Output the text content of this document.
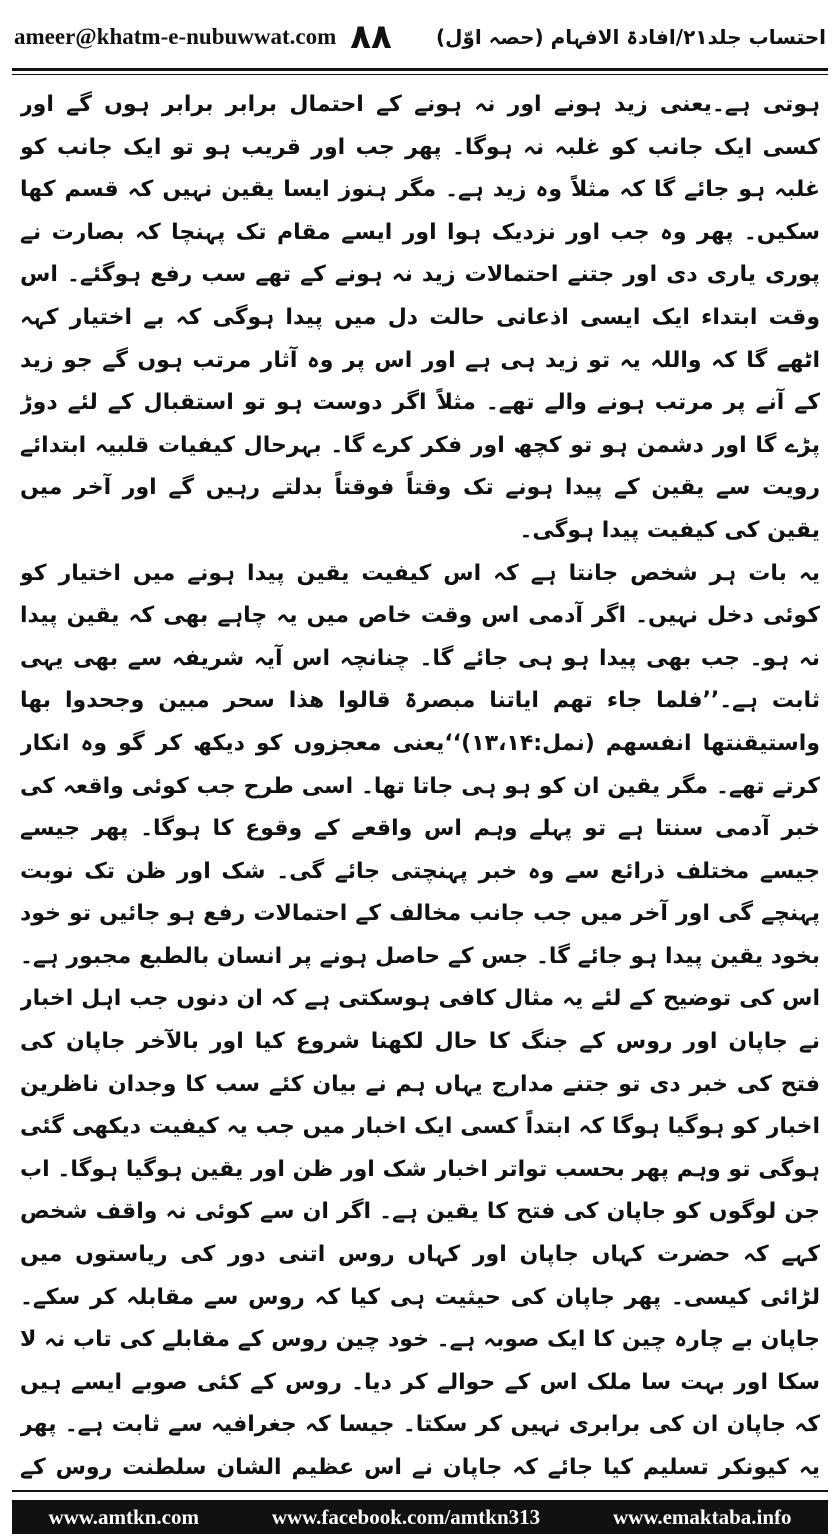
ameer@khatm-e-nubuwwat.com ۸۸ احتساب جلد۲۱/افادۃ الافہام (حصہ اوّل)

ہوتی ہے۔یعنی زید ہونے اور نہ ہونے کے احتمال برابر برابر ہوں گے اور کسی ایک جانب کو غلبہ نہ ہوگا۔ پھر جب اور قریب ہو تو ایک جانب کو غلبہ ہو جائے گا کہ مثلاً وہ زید ہے۔ مگر ہنوز ایسا یقین نہیں کہ قسم کھا سکیں۔ پھر وہ جب اور نزدیک ہوا اور ایسے مقام تک پہنچا کہ بصارت نے پوری یاری دی اور جتنے احتمالات زید نہ ہونے کے تھے سب رفع ہوگئے۔ اس وقت ابتداء ایک ایسی اذعانی حالت دل میں پیدا ہوگی کہ بے اختیار کہہ اٹھے گا کہ واللہ یہ تو زید ہی ہے اور اس پر وہ آثار مرتب ہوں گے جو زید کے آنے پر مرتب ہونے والے تھے۔ مثلاً اگر دوست ہو تو استقبال کے لئے دوڑ پڑے گا اور دشمن ہو تو کچھ اور فکر کرے گا۔ بہرحال کیفیات قلبیہ ابتدائے رویت سے یقین کے پیدا ہونے تک وقتاً فوقتاً بدلتے رہیں گے اور آخر میں یقین کی کیفیت پیدا ہوگی۔

یہ بات ہر شخص جانتا ہے کہ اس کیفیت یقین پیدا ہونے میں اختیار کو کوئی دخل نہیں۔ اگر آدمی اس وقت خاص میں یہ چاہے بھی کہ یقین پیدا نہ ہو۔ جب بھی پیدا ہو ہی جائے گا۔ چنانچہ اس آیہ شریفہ سے بھی یہی ثابت ہے۔’’فلما جاء تھم ایاتنا مبصرۃ قالوا ھذا سحر مبین وجحدوا بھا واستیقنتھا انفسھم (نمل:۱۳،۱۴)‘‘یعنی معجزوں کو دیکھ کر گو وہ انکار کرتے تھے۔ مگر یقین ان کو ہو ہی جاتا تھا۔ اسی طرح جب کوئی واقعہ کی خبر آدمی سنتا ہے تو پہلے وہم اس واقعے کے وقوع کا ہوگا۔ پھر جیسے جیسے مختلف ذرائع سے وہ خبر پہنچتی جائے گی۔ شک اور ظن تک نوبت پہنچے گی اور آخر میں جب جانب مخالف کے احتمالات رفع ہو جائیں تو خود بخود یقین پیدا ہو جائے گا۔ جس کے حاصل ہونے پر انسان بالطبع مجبور ہے۔ اس کی توضیح کے لئے یہ مثال کافی ہوسکتی ہے کہ ان دنوں جب اہل اخبار نے جاپان اور روس کے جنگ کا حال لکھنا شروع کیا اور بالآخر جاپان کی فتح کی خبر دی تو جتنے مدارج یہاں ہم نے بیان کئے سب کا وجدان ناظرین اخبار کو ہوگیا ہوگا کہ ابتداً کسی ایک اخبار میں جب یہ کیفیت دیکھی گئی ہوگی تو وہم پھر بحسب تواتر اخبار شک اور ظن اور یقین ہوگیا ہوگا۔ اب جن لوگوں کو جاپان کی فتح کا یقین ہے۔ اگر ان سے کوئی نہ واقف شخص کہے کہ حضرت کہاں جاپان اور کہاں روس اتنی دور کی ریاستوں میں لڑائی کیسی۔ پھر جاپان کی حیثیت ہی کیا کہ روس سے مقابلہ کر سکے۔ جاپان بے چارہ چین کا ایک صوبہ ہے۔ خود چین روس کے مقابلے کی تاب نہ لا سکا اور بہت سا ملک اس کے حوالے کر دیا۔ روس کے کئی صوبے ایسے ہیں کہ جاپان ان کی برابری نہیں کر سکتا۔ جیسا کہ جغرافیہ سے ثابت ہے۔ پھر یہ کیونکر تسلیم کیا جائے کہ جاپان نے اس عظیم الشان سلطنت روس کے

www.amtkn.com	www.facebook.com/amtkn313	www.emaktaba.info
